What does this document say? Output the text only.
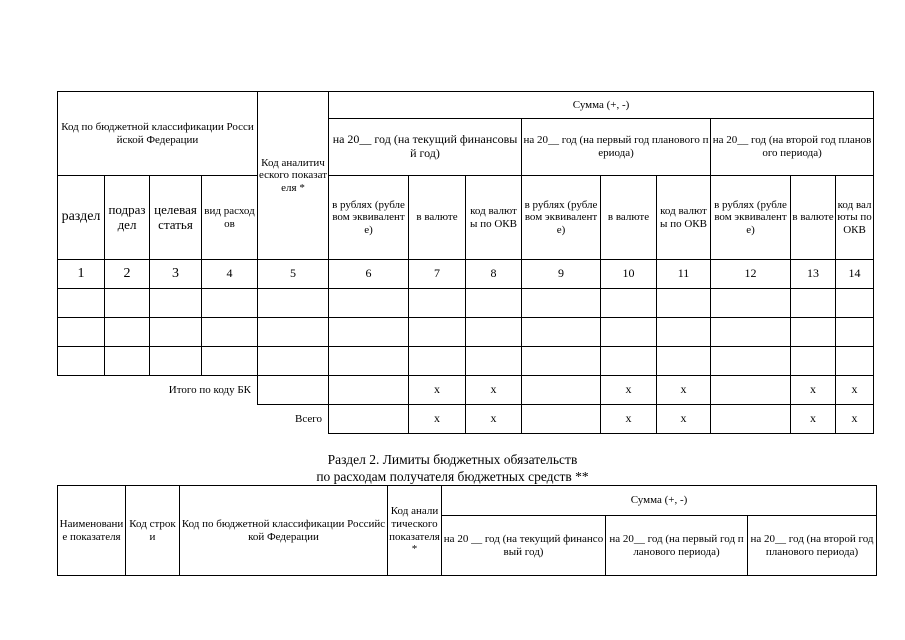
Код по бюджетной классификации Российской Федерации				Код аналитического показателя *	Сумма (+, -)								
					на 20__ год (на текущий финансовый год)			на 20__ год (на первый год планового периода)			на 20__ год (на второй год планового периода)		
раздел	подраздел	целевая статья	вид расходов		в рублях (рублевом эквиваленте)	в валюте	код валюты по ОКВ	в рублях (рублевом эквиваленте)	в валюте	код валюты по ОКВ	в рублях (рублевом эквиваленте)	в валюте	код валюты по ОКВ
1	2	3	4	5	6	7	8	9	10	11	12	13	14

Итого по коду БК						x	x		x	x		x	x
				Всего		x	x		x	x		x	x
Раздел 2. Лимиты бюджетных обязательств
по расходам получателя бюджетных средств **
Наименование показателя	Код строки	Код по бюджетной классификации Российской Федерации	Код аналитического показателя *	Сумма (+, -)		
				на 20 __ год (на текущий финансовый год)	на 20__ год (на первый год планового периода)	на 20__ год (на второй год планового периода)
